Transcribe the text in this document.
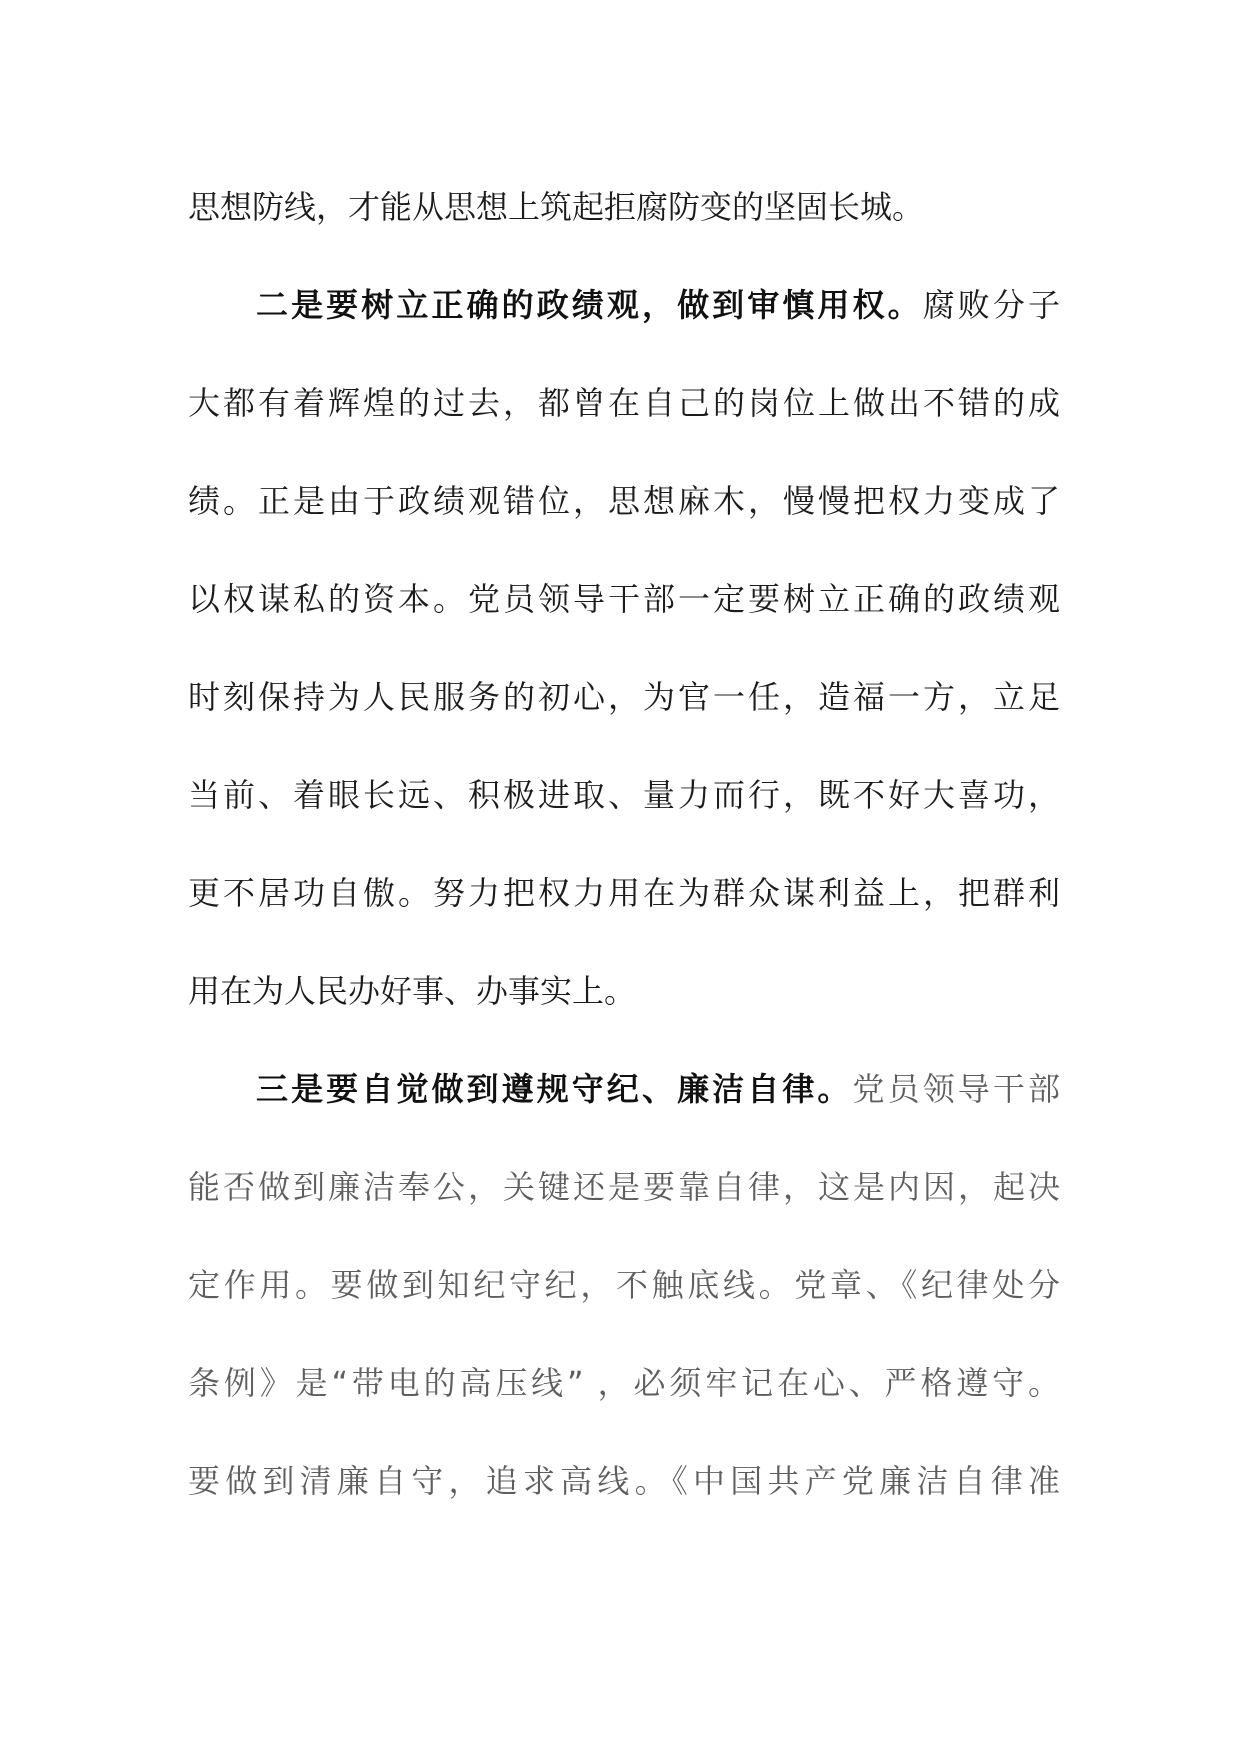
思想防线，才能从思想上筑起拒腐防变的坚固长城。
二是要树立正确的政绩观，做到审慎用权。腐败分子
大都有着辉煌的过去，都曾在自己的岗位上做出不错的成
绩。正是由于政绩观错位，思想麻木，慢慢把权力变成了
以权谋私的资本。党员领导干部一定要树立正确的政绩观
时刻保持为人民服务的初心，为官一任，造福一方，立足
当前、着眼长远、积极进取、量力而行，既不好大喜功，
更不居功自傲。努力把权力用在为群众谋利益上，把群利
用在为人民办好事、办事实上。
三是要自觉做到遵规守纪、廉洁自律。党员领导干部
能否做到廉洁奉公，关键还是要靠自律，这是内因，起决
定作用。要做到知纪守纪，不触底线。党章、《纪律处分
条例》是“带电的高压线” ，必须牢记在心、严格遵守。
要做到清廉自守，追求高线。《中国共产党廉洁自律准
